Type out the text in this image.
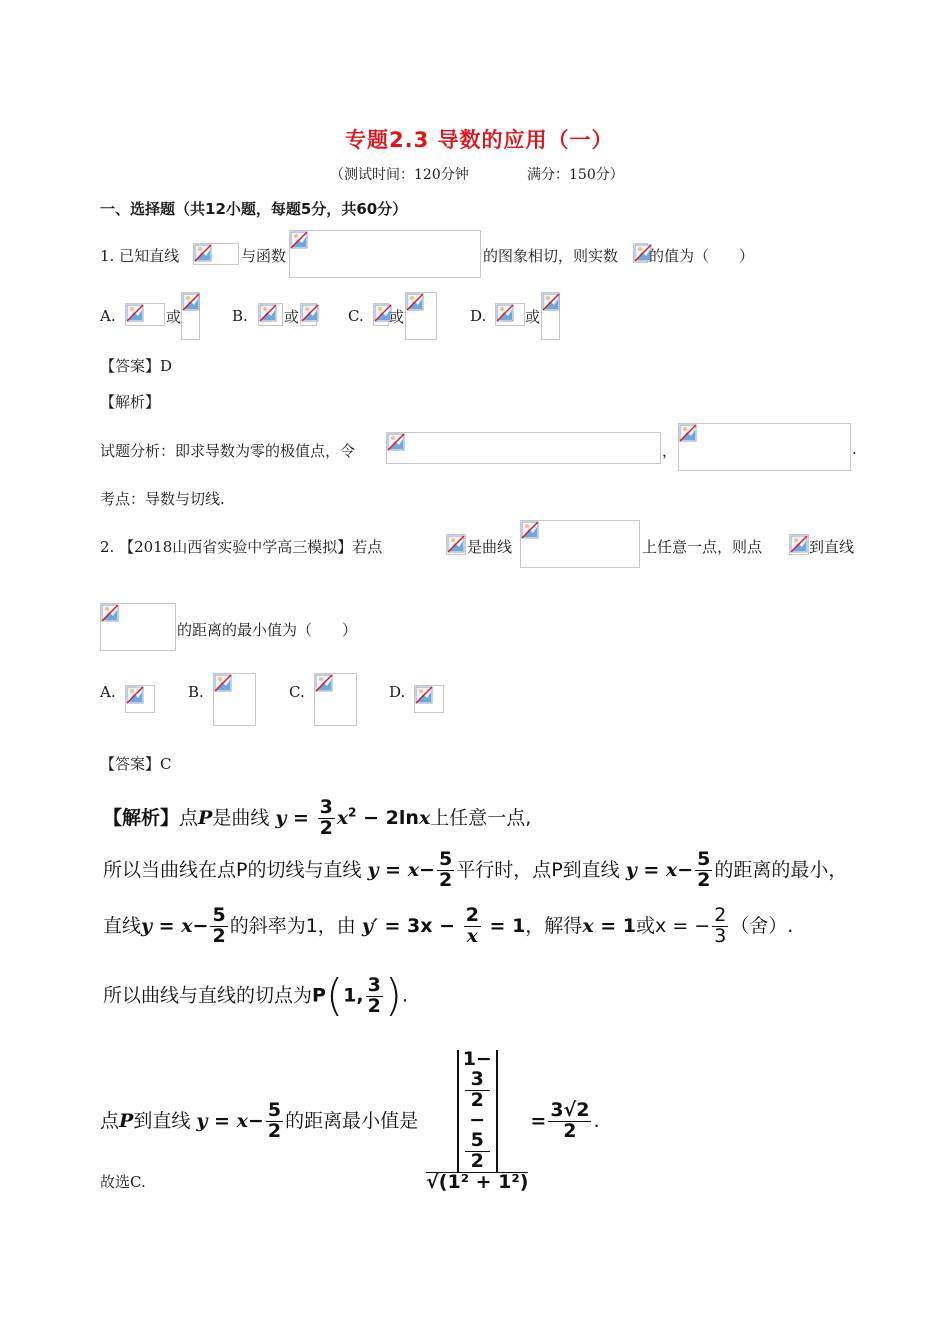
专题2.3 导数的应用（一）
（测试时间：120分钟	满分：150分）
一、选择题（共12小题，每题5分，共60分）
1. 已知直线	与函数	的图象相切，则实数 的值为（　　）
A.	或	B. 或	C. 或	D.	或
【答案】D
【解析】
试题分析：即求导数为零的极值点，令	，	.
考点：导数与切线.
2. 【2018山西省实验中学高三模拟】若点	是曲线	上任意一点，则点	到直线
的距离的最小值为（　　）
A.	B.	C.	D.
【答案】C
【解析】点P是曲线 $y = \frac{3}{2} x^2 - 2\ln x$上任意一点,
所以当曲线在点P的切线与直线 $y = x- \frac{5}{2}$ 平行时，点P到直线 $y = x- \frac{5}{2}$ 的距离的最小，
直线$y = x- \frac{5}{2}$ 的斜率为1，由 $y' = 3x - \frac{2}{x} = 1$，解得x = 1或x = − $\frac{2}{3}$ （舍）.
所以曲线与直线的切点为P(1, $\frac{3}{2}$ ).
点P到直线 $y = x- \frac{5}{2}$ 的距离最小值是 1−
3
2
−
5
2
$√(1^2 + 1^2) = \frac{3√2}{2}$ .
故选C.
